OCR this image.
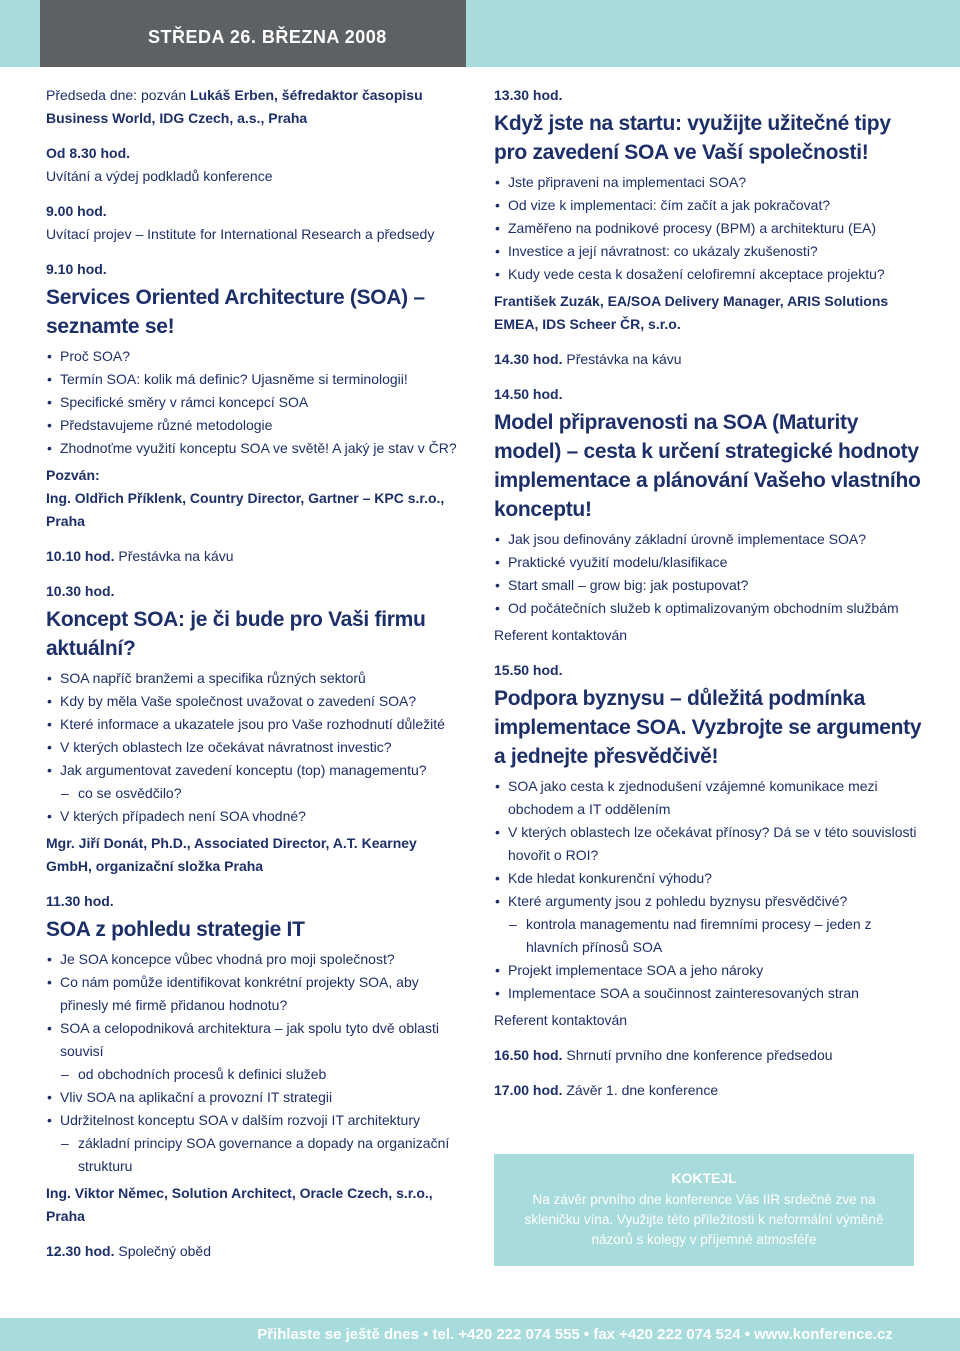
STŘEDA 26. BŘEZNA 2008

Předseda dne: pozván Lukáš Erben, šéfredaktor časopisu Business World, IDG Czech, a.s., Praha

Od 8.30 hod.

Uvítání a výdej podkladů konference

9.00 hod.

Uvítací projev – Institute for International Research a předsedy

9.10 hod.

Services Oriented Architecture (SOA) – seznamte se!

• Proč SOA?
• Termín SOA: kolik má definic? Ujasněme si terminologii!
• Specifické směry v rámci koncepcí SOA
• Představujeme různé metodologie
• Zhodnoťme využití konceptu SOA ve světě! A jaký je stav v ČR?

Pozván:

Ing. Oldřich Příklenk, Country Director, Gartner – KPC s.r.o., Praha

10.10 hod. Přestávka na kávu

10.30 hod.

Koncept SOA: je či bude pro Vaši firmu aktuální?

• SOA napříč branžemi a specifika různých sektorů
• Kdy by měla Vaše společnost uvažovat o zavedení SOA?
• Které informace a ukazatele jsou pro Vaše rozhodnutí důležité
• V kterých oblastech lze očekávat návratnost investic?
• Jak argumentovat zavedení konceptu (top) managementu?
– co se osvědčilo?
• V kterých případech není SOA vhodné?

Mgr. Jiří Donát, Ph.D., Associated Director, A.T. Kearney GmbH, organizační složka Praha

11.30 hod.

SOA z pohledu strategie IT

• Je SOA koncepce vůbec vhodná pro moji společnost?
• Co nám pomůže identifikovat konkrétní projekty SOA, aby přinesly mé firmě přidanou hodnotu?
• SOA a celopodniková architektura – jak spolu tyto dvě oblasti souvisí
– od obchodních procesů k definici služeb
• Vliv SOA na aplikační a provozní IT strategii
• Udržitelnost konceptu SOA v dalším rozvoji IT architektury
– základní principy SOA governance a dopady na organizační strukturu

Ing. Viktor Němec, Solution Architect, Oracle Czech, s.r.o., Praha

12.30 hod. Společný oběd

13.30 hod.

Když jste na startu: využijte užitečné tipy pro zavedení SOA ve Vaší společnosti!

• Jste připraveni na implementaci SOA?
• Od vize k implementaci: čím začít a jak pokračovat?
• Zaměřeno na podnikové procesy (BPM) a architekturu (EA)
• Investice a její návratnost: co ukázaly zkušenosti?
• Kudy vede cesta k dosažení celofiremní akceptace projektu?

František Zuzák, EA/SOA Delivery Manager, ARIS Solutions EMEA, IDS Scheer ČR, s.r.o.

14.30 hod. Přestávka na kávu

14.50 hod.

Model připravenosti na SOA (Maturity model) – cesta k určení strategické hodnoty implementace a plánování Vašeho vlastního konceptu!

• Jak jsou definovány základní úrovně implementace SOA?
• Praktické využití modelu/klasifikace
• Start small – grow big: jak postupovat?
• Od počátečních služeb k optimalizovaným obchodním službám

Referent kontaktován

15.50 hod.

Podpora byznysu – důležitá podmínka implementace SOA. Vyzbrojte se argumenty a jednejte přesvědčivě!

• SOA jako cesta k zjednodušení vzájemné komunikace mezi obchodem a IT oddělením
• V kterých oblastech lze očekávat přínosy? Dá se v této souvislosti hovořit o ROI?
• Kde hledat konkurenční výhodu?
• Které argumenty jsou z pohledu byznysu přesvědčivé?
– kontrola managementu nad firemními procesy – jeden z hlavních přínosů SOA
• Projekt implementace SOA a jeho nároky
• Implementace SOA a součinnost zainteresovaných stran

Referent kontaktován

16.50 hod. Shrnutí prvního dne konference předsedou

17.00 hod. Závěr 1. dne konference

KOKTEJL
Na závěr prvního dne konference Vás IIR srdečně zve na skleničku vína. Využijte této příležitosti k neformální výměně názorů s kolegy v příjemné atmosféře
Přihlaste se ještě dnes • tel. +420 222 074 555 • fax +420 222 074 524 • www.konference.cz
